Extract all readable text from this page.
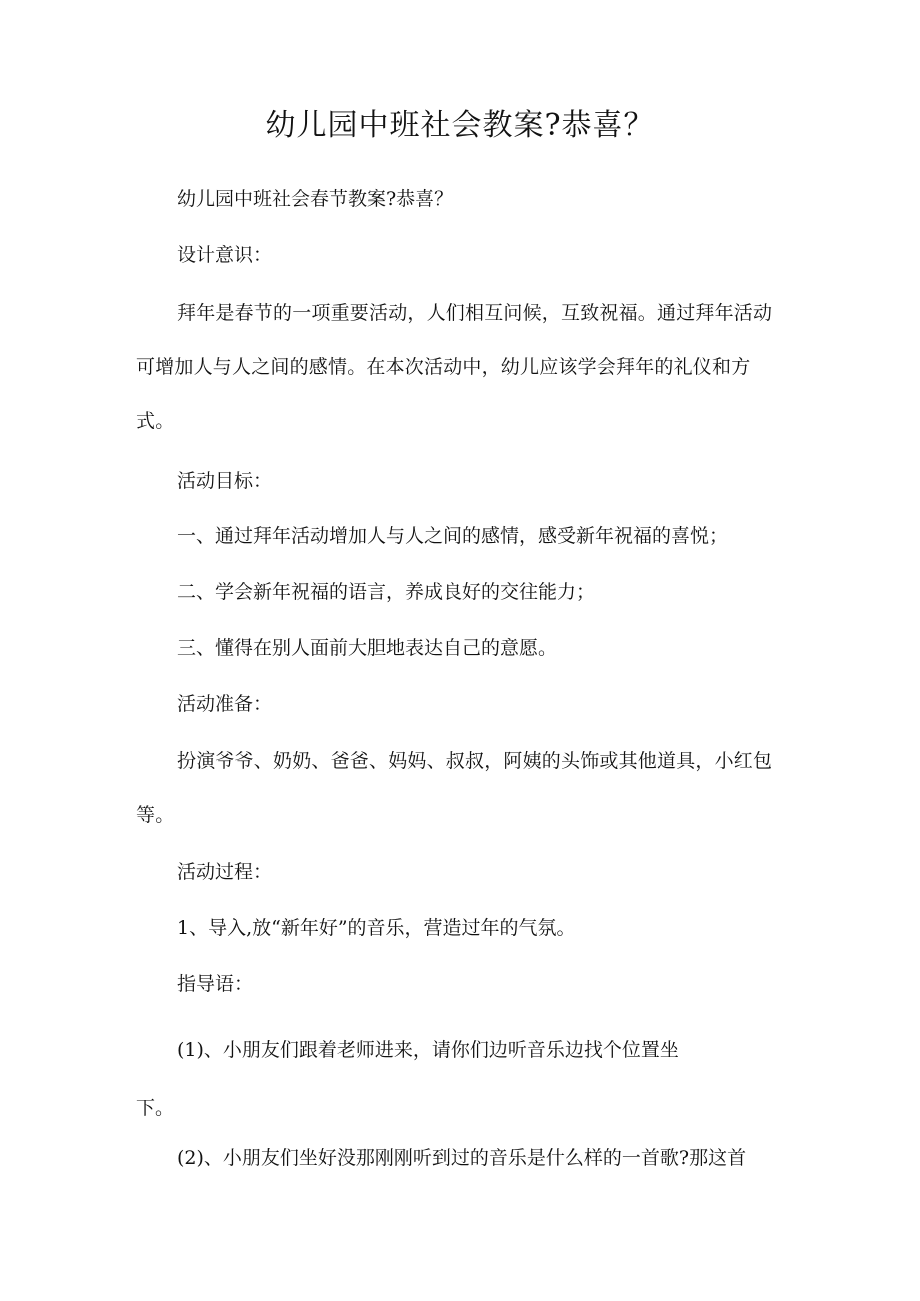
幼儿园中班社会教案?恭喜？

幼儿园中班社会春节教案?恭喜？

设计意识：

拜年是春节的一项重要活动，人们相互问候，互致祝福。通过拜年活动可增加人与人之间的感情。在本次活动中，幼儿应该学会拜年的礼仪和方式。

活动目标：

一、通过拜年活动增加人与人之间的感情，感受新年祝福的喜悦；

二、学会新年祝福的语言，养成良好的交往能力；

三、懂得在别人面前大胆地表达自己的意愿。

活动准备：

扮演爷爷、奶奶、爸爸、妈妈、叔叔，阿姨的头饰或其他道具，小红包等。

活动过程：

1、导入,放“新年好”的音乐，营造过年的气氛。

指导语：

(1)、小朋友们跟着老师进来，请你们边听音乐边找个位置坐

下。

(2)、小朋友们坐好没那刚刚听到过的音乐是什么样的一首歌?那这首
